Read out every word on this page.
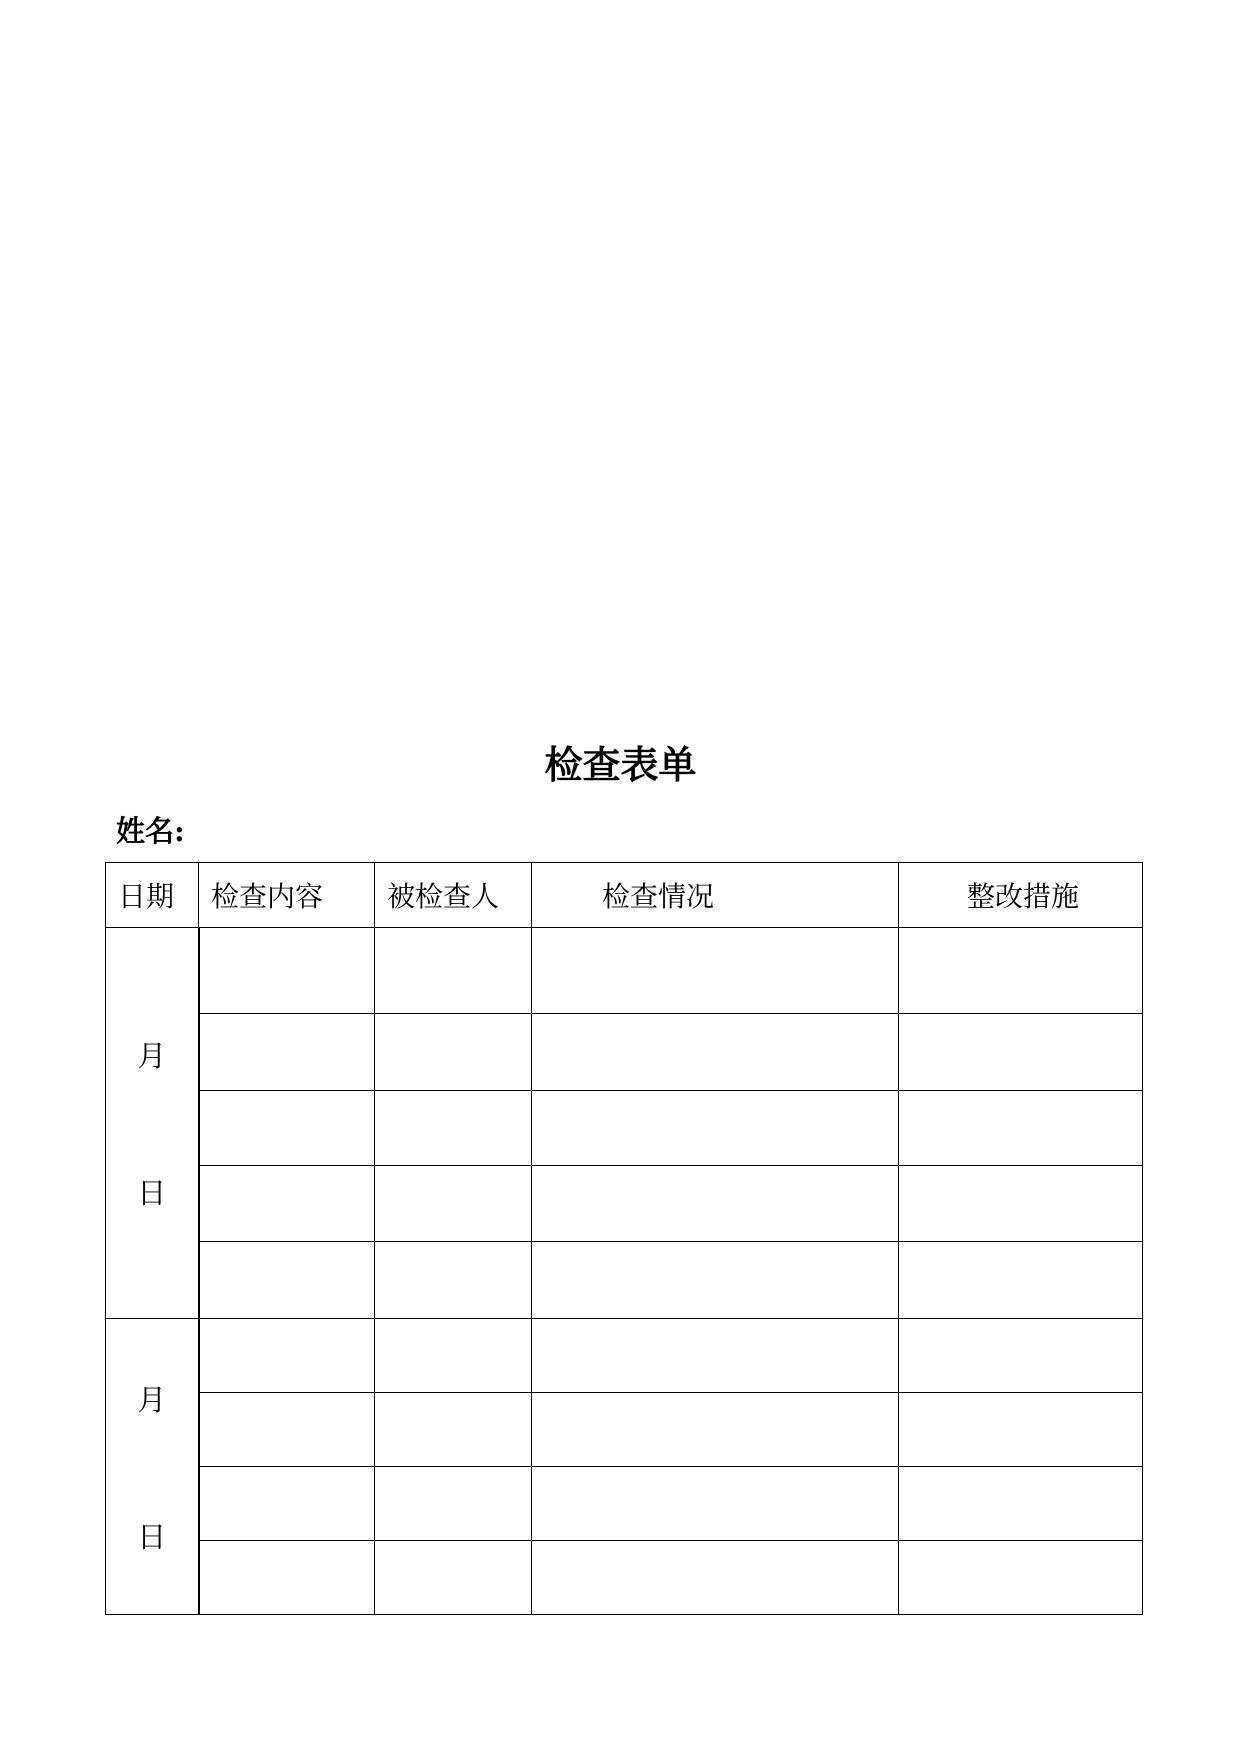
检查表单
姓名:
日期	检查内容	被检查人	检查情况	整改措施

月
日				

月
日				
